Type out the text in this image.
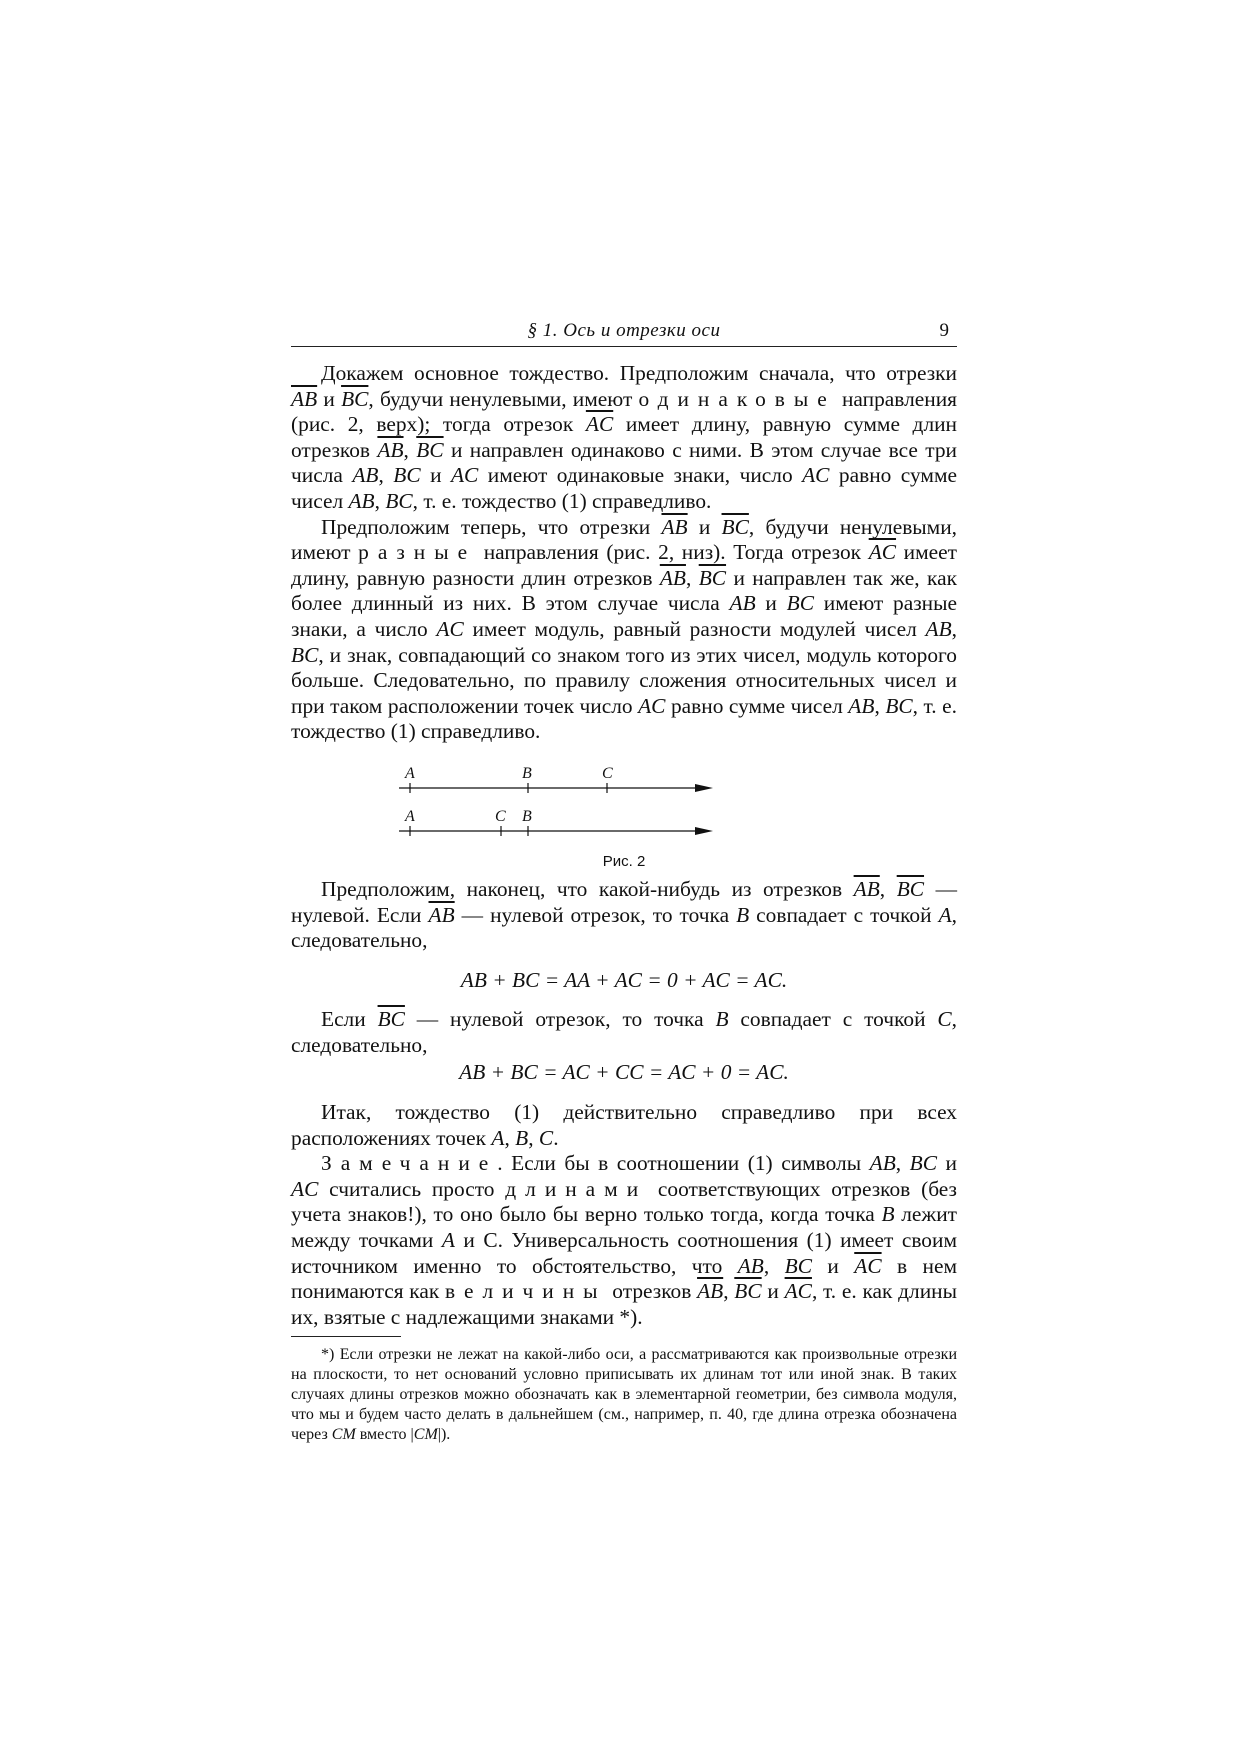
§ 1. Ось и отрезки оси	9

Докажем основное тождество. Предположим сначала, что отрезки $\overline{AB}$ и $\overline{BC}$, будучи ненулевыми, имеют одинаковые направления (рис. 2, верх); тогда отрезок $\overline{AC}$ имеет длину, равную сумме длин отрезков $\overline{AB}$, $\overline{BC}$ и направлен одинаково с ними. В этом случае все три числа AB, BC и AC имеют одинаковые знаки, число AC равно сумме чисел AB, BC, т. е. тождество (1) справедливо.

Предположим теперь, что отрезки $\overline{AB}$ и $\overline{BC}$, будучи ненулевыми, имеют разные направления (рис. 2, низ). Тогда отрезок $\overline{AC}$ имеет длину, равную разности длин отрезков $\overline{AB}$, $\overline{BC}$ и направлен так же, как более длинный из них. В этом случае числа AB и BC имеют разные знаки, а число AC имеет модуль, равный разности модулей чисел AB, BC, и знак, совпадающий со знаком того из этих чисел, модуль которого больше. Следовательно, по правилу сложения относительных чисел и при таком расположении точек число AC равно сумме чисел AB, BC, т. е. тождество (1) справедливо.

A	B	C
A	C B
Рис. 2

Предположим, наконец, что какой-нибудь из отрезков $\overline{AB}$, $\overline{BC}$ — нулевой. Если $\overline{AB}$ — нулевой отрезок, то точка B совпадает с точкой A, следовательно,

AB + BC = AA + AC = 0 + AC = AC.

Если $\overline{BC}$ — нулевой отрезок, то точка B совпадает с точкой C, следовательно,

AB + BC = AC + CC = AC + 0 = AC.

Итак, тождество (1) действительно справедливо при всех расположениях точек A, B, C.

Замечание. Если бы в соотношении (1) символы AB, BC и AC считались просто длинами соответствующих отрезков (без учета знаков!), то оно было бы верно только тогда, когда точка B лежит между точками A и С. Универсальность соотношения (1) имеет своим источником именно то обстоятельство, что AB, BC и $\overline{AC}$ в нем понимаются как величины отрезков $\overline{AB}$, $\overline{BC}$ и $\overline{AC}$, т. е. как длины их, взятые с надлежащими знаками *).

*) Если отрезки не лежат на какой-либо оси, а рассматриваются как произвольные отрезки на плоскости, то нет оснований условно приписывать их длинам тот или иной знак. В таких случаях длины отрезков можно обозначать как в элементарной геометрии, без символа модуля, что мы и будем часто делать в дальнейшем (см., например, п. 40, где длина отрезка обозначена через CM вместо |CM|).
